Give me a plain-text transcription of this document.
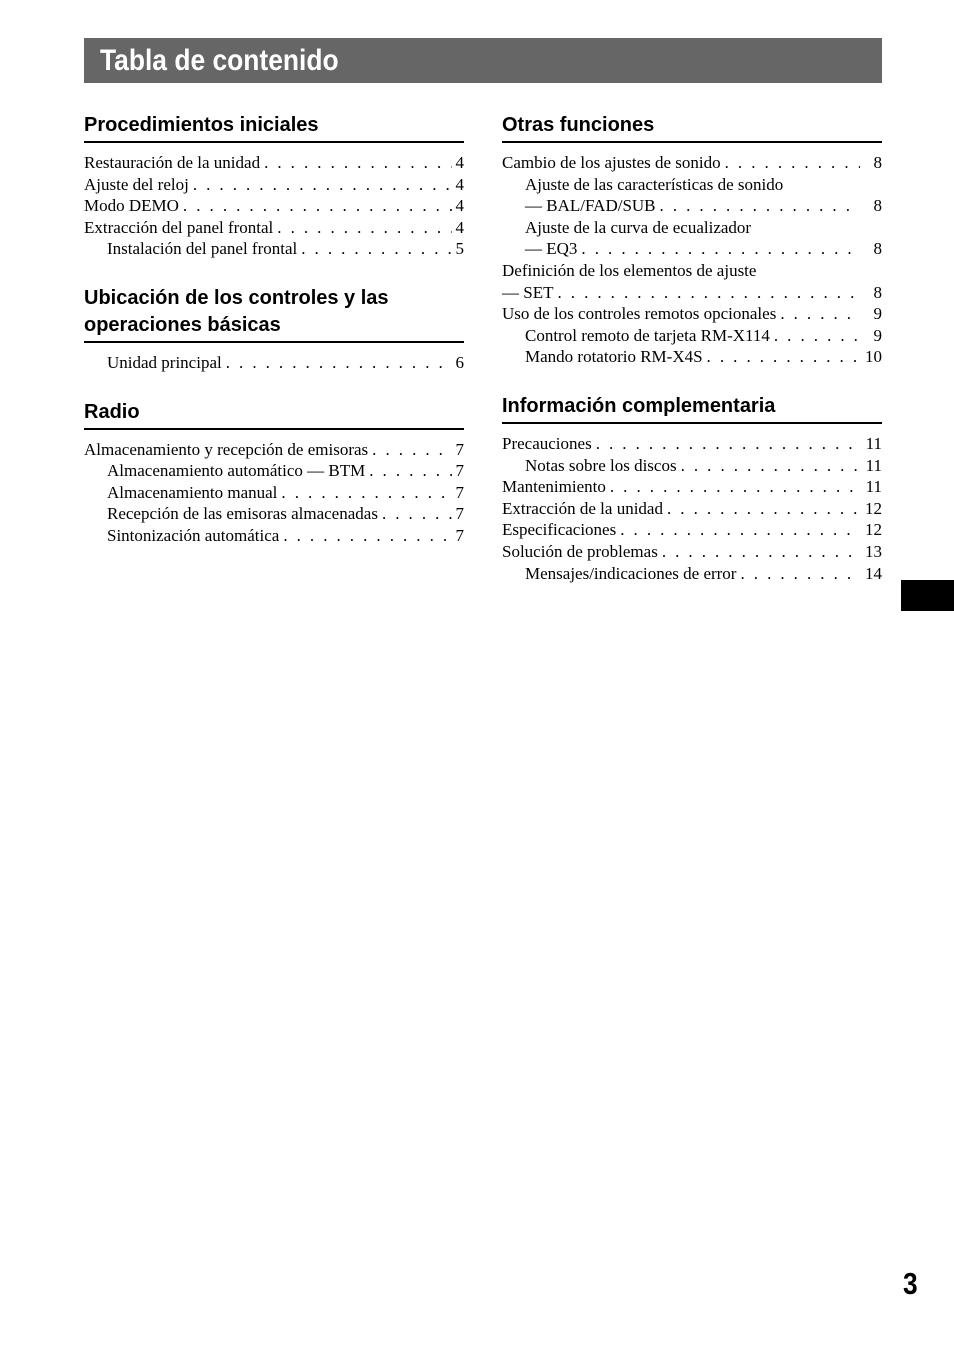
Tabla de contenido
Procedimientos iniciales
Restauración de la unidad . . .	4
Ajuste del reloj . . .	4
Modo DEMO . . .	4
Extracción del panel frontal . . .	4
Instalación del panel frontal . . .	5
Ubicación de los controles y las operaciones básicas
Unidad principal . . .	6
Radio
Almacenamiento y recepción de emisoras . . .	7
Almacenamiento automático — BTM . . .	7
Almacenamiento manual . . .	7
Recepción de las emisoras almacenadas . . .	7
Sintonización automática . . .	7
Otras funciones
Cambio de los ajustes de sonido . . .	8
Ajuste de las características de sonido
— BAL/FAD/SUB . . .	8
Ajuste de la curva de ecualizador
— EQ3 . . .	8
Definición de los elementos de ajuste
— SET . . .	8
Uso de los controles remotos opcionales . . .	9
Control remoto de tarjeta RM-X114 . . .	9
Mando rotatorio RM-X4S . . .	10
Información complementaria
Precauciones . . .	11
Notas sobre los discos . . .	11
Mantenimiento . . .	11
Extracción de la unidad . . .	12
Especificaciones . . .	12
Solución de problemas . . .	13
Mensajes/indicaciones de error . . .	14
3
